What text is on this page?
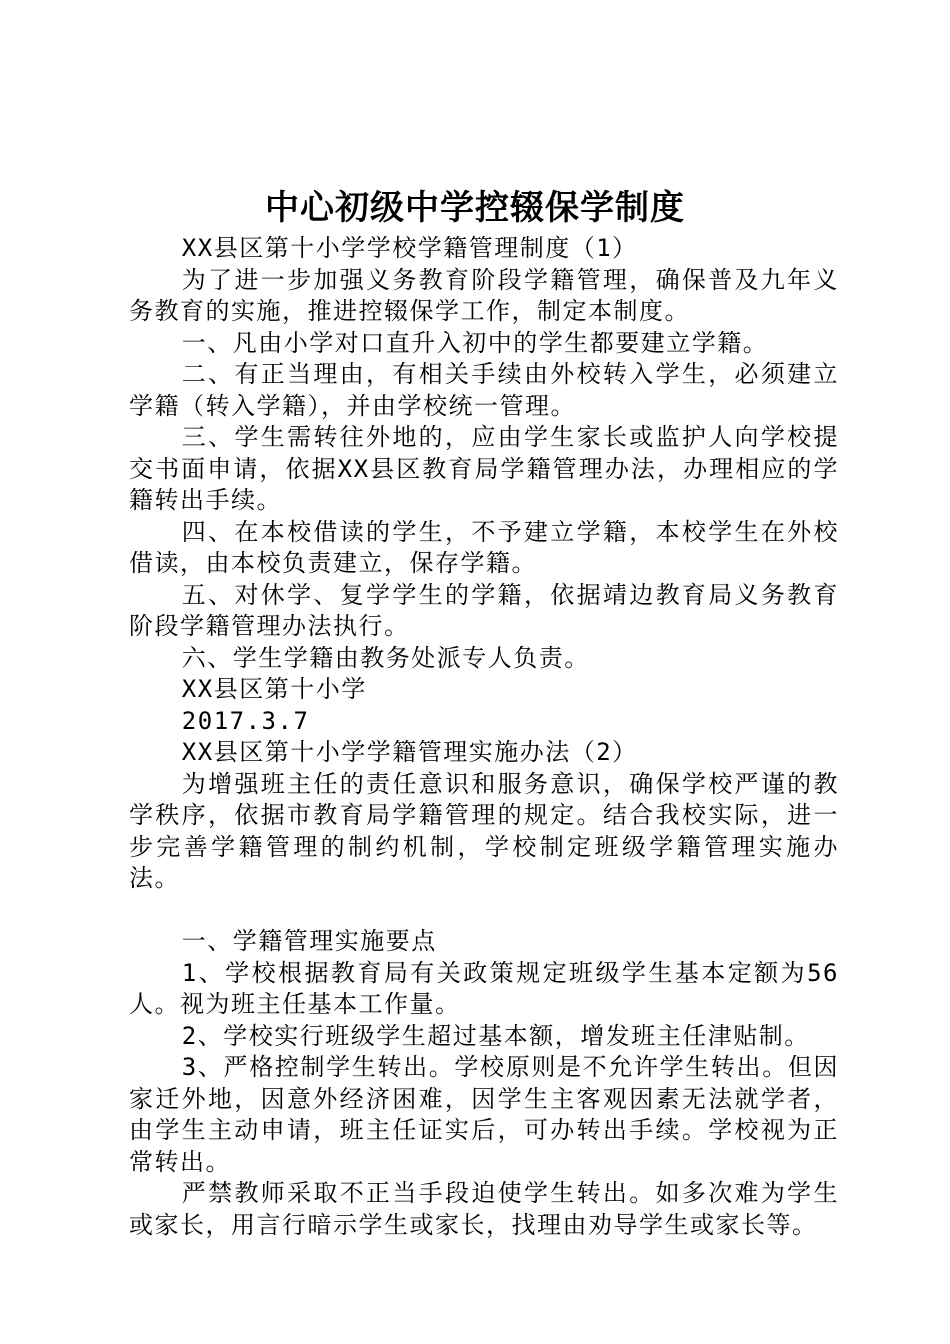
中心初级中学控辍保学制度

XX县区第十小学学校学籍管理制度（1）

为了进一步加强义务教育阶段学籍管理，确保普及九年义务教育的实施，推进控辍保学工作，制定本制度。

一、凡由小学对口直升入初中的学生都要建立学籍。

二、有正当理由，有相关手续由外校转入学生，必须建立学籍（转入学籍），并由学校统一管理。

三、学生需转往外地的，应由学生家长或监护人向学校提交书面申请，依据XX县区教育局学籍管理办法，办理相应的学籍转出手续。

四、在本校借读的学生，不予建立学籍，本校学生在外校借读，由本校负责建立，保存学籍。

五、对休学、复学学生的学籍，依据靖边教育局义务教育阶段学籍管理办法执行。

六、学生学籍由教务处派专人负责。

XX县区第十小学

2017.3.7

XX县区第十小学学籍管理实施办法（2）

为增强班主任的责任意识和服务意识，确保学校严谨的教学秩序，依据市教育局学籍管理的规定。结合我校实际，进一步完善学籍管理的制约机制，学校制定班级学籍管理实施办法。

一、学籍管理实施要点

1、学校根据教育局有关政策规定班级学生基本定额为56人。视为班主任基本工作量。

2、学校实行班级学生超过基本额，增发班主任津贴制。

3、严格控制学生转出。学校原则是不允许学生转出。但因家迁外地，因意外经济困难，因学生主客观因素无法就学者，由学生主动申请，班主任证实后，可办转出手续。学校视为正常转出。

严禁教师采取不正当手段迫使学生转出。如多次难为学生或家长，用言行暗示学生或家长，找理由劝导学生或家长等。
